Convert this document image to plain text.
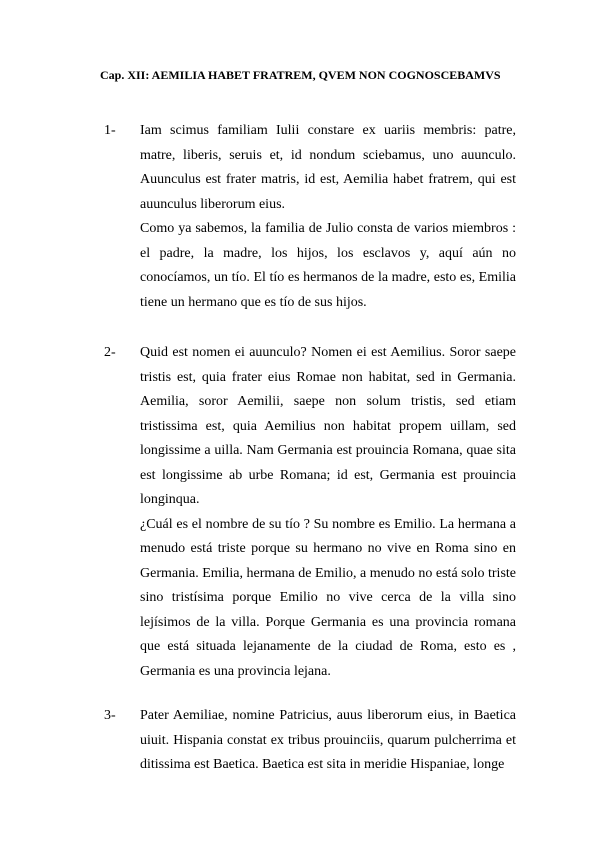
Cap. XII: AEMILIA HABET FRATREM, QVEM NON COGNOSCEBAMVS
1- Iam scimus familiam Iulii constare ex uariis membris: patre, matre, liberis, seruis et, id nondum sciebamus, uno auunculo. Auunculus est frater matris, id est, Aemilia habet fratrem, qui est auunculus liberorum eius.

Como ya sabemos, la familia de Julio consta de varios miembros : el padre, la madre, los hijos, los esclavos y, aquí aún no conocíamos, un tío. El tío es hermanos de la madre, esto es, Emilia tiene un hermano que es tío de sus hijos.

2- Quid est nomen ei auunculo? Nomen ei est Aemilius. Soror saepe tristis est, quia frater eius Romae non habitat, sed in Germania. Aemilia, soror Aemilii, saepe non solum tristis, sed etiam tristissima est, quia Aemilius non habitat propem uillam, sed longissime a uilla. Nam Germania est prouincia Romana, quae sita est longissime ab urbe Romana; id est, Germania est prouincia longinqua.

¿Cuál es el nombre de su tío ? Su nombre es Emilio. La hermana a menudo está triste porque su hermano no vive en Roma sino en Germania. Emilia, hermana de Emilio, a menudo no está solo triste sino tristísima porque Emilio no vive cerca de la villa sino lejísimos de la villa. Porque Germania es una provincia romana que está situada lejanamente de la ciudad de Roma, esto es , Germania es una provincia lejana.

3- Pater Aemiliae, nomine Patricius, auus liberorum eius, in Baetica uiuit. Hispania constat ex tribus prouinciis, quarum pulcherrima et ditissima est Baetica. Baetica est sita in meridie Hispaniae, longe
